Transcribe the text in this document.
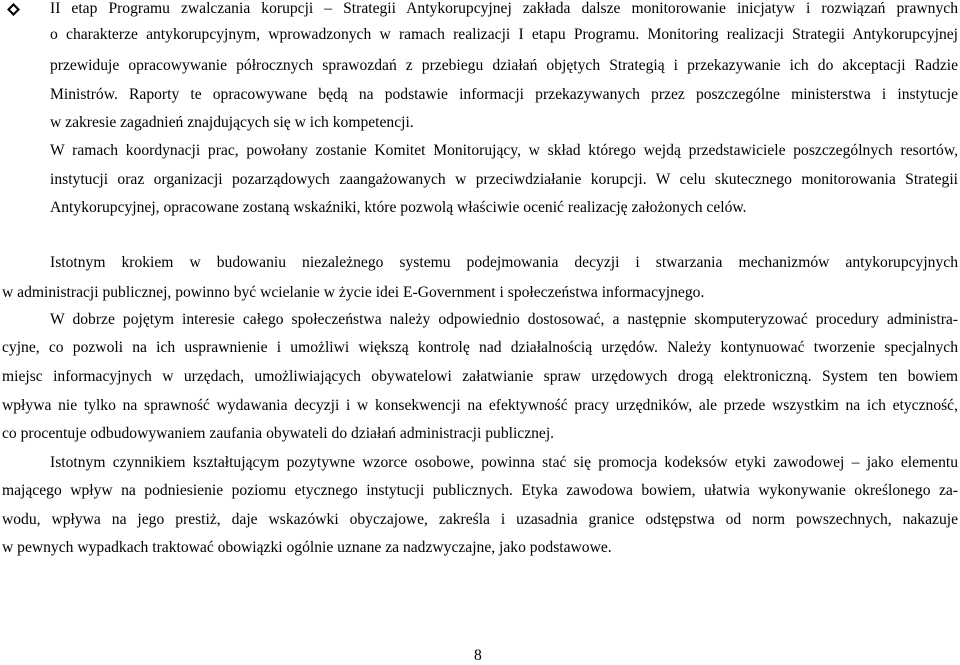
II etap Programu zwalczania korupcji – Strategii Antykorupcyjnej zakłada dalsze monitorowanie inicjatyw i rozwiązań prawnych
o charakterze antykorupcyjnym, wprowadzonych w ramach realizacji I etapu Programu. Monitoring realizacji Strategii Antykorupcyjnej
przewiduje opracowywanie półrocznych sprawozdań z przebiegu działań objętych Strategią i przekazywanie ich do akceptacji Radzie
Ministrów. Raporty te opracowywane będą na podstawie informacji przekazywanych przez poszczególne ministerstwa i instytucje
w zakresie zagadnień znajdujących się w ich kompetencji.
W ramach koordynacji prac, powołany zostanie Komitet Monitorujący, w skład którego wejdą przedstawiciele poszczególnych resortów,
instytucji oraz organizacji pozarządowych zaangażowanych w przeciwdziałanie korupcji. W celu skutecznego monitorowania Strategii
Antykorupcyjnej, opracowane zostaną wskaźniki, które pozwolą właściwie ocenić realizację założonych celów.
Istotnym krokiem w budowaniu niezależnego systemu podejmowania decyzji i stwarzania mechanizmów antykorupcyjnych
w administracji publicznej, powinno być wcielanie w życie idei E-Government i społeczeństwa informacyjnego.
W dobrze pojętym interesie całego społeczeństwa należy odpowiednio dostosować, a następnie skomputeryzować procedury administra-
cyjne, co pozwoli na ich usprawnienie i umożliwi większą kontrolę nad działalnością urzędów. Należy kontynuować tworzenie specjalnych
miejsc informacyjnych w urzędach, umożliwiających obywatelowi załatwianie spraw urzędowych drogą elektroniczną. System ten bowiem
wpływa nie tylko na sprawność wydawania decyzji i w konsekwencji na efektywność pracy urzędników, ale przede wszystkim na ich etyczność,
co procentuje odbudowywaniem zaufania obywateli do działań administracji publicznej.
Istotnym czynnikiem kształtującym pozytywne wzorce osobowe, powinna stać się promocja kodeksów etyki zawodowej – jako elementu
mającego wpływ na podniesienie poziomu etycznego instytucji publicznych. Etyka zawodowa bowiem, ułatwia wykonywanie określonego za-
wodu, wpływa na jego prestiż, daje wskazówki obyczajowe, zakreśla i uzasadnia granice odstępstwa od norm powszechnych, nakazuje
w pewnych wypadkach traktować obowiązki ogólnie uznane za nadzwyczajne, jako podstawowe.
8
